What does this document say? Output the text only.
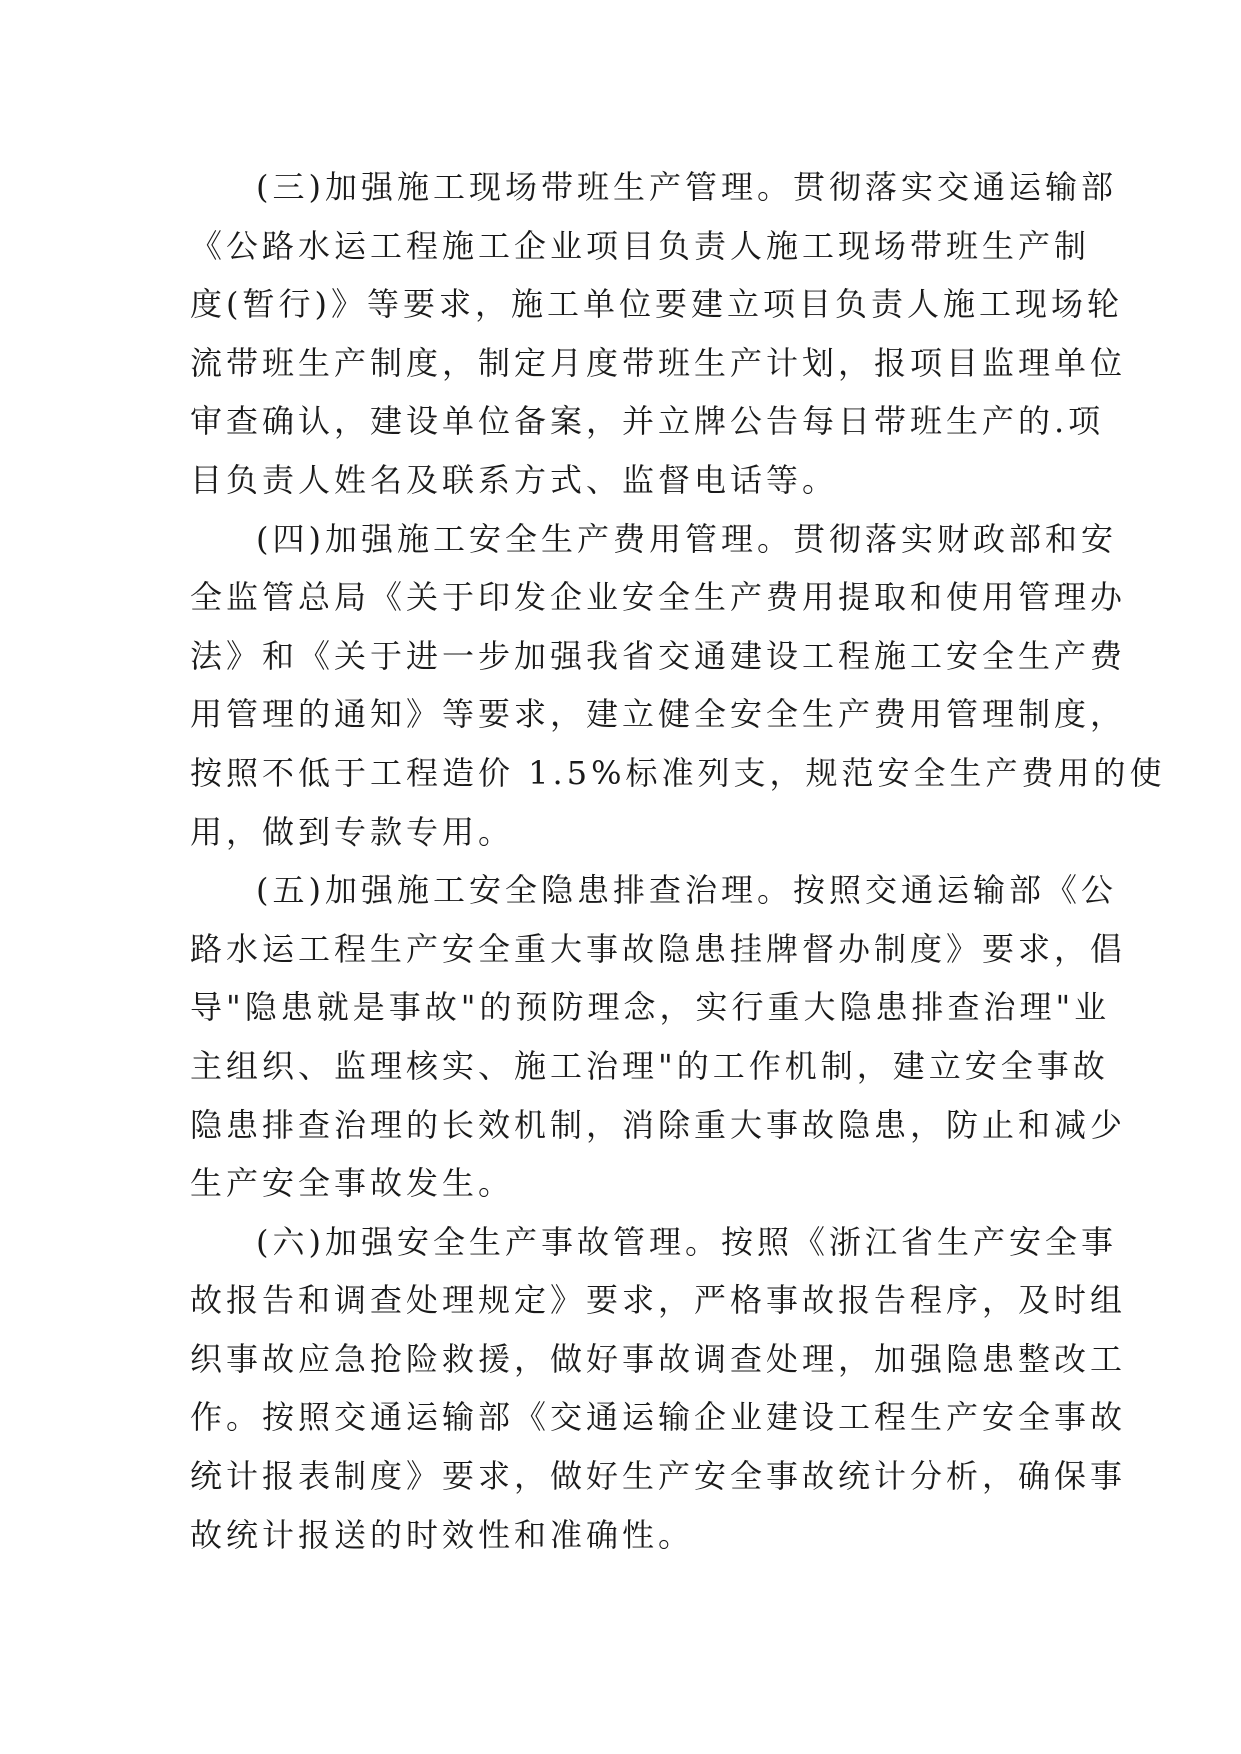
(三)加强施工现场带班生产管理。贯彻落实交通运输部
《公路水运工程施工企业项目负责人施工现场带班生产制
度(暂行)》等要求，施工单位要建立项目负责人施工现场轮
流带班生产制度，制定月度带班生产计划，报项目监理单位
审查确认，建设单位备案，并立牌公告每日带班生产的.项
目负责人姓名及联系方式、监督电话等。
(四)加强施工安全生产费用管理。贯彻落实财政部和安
全监管总局《关于印发企业安全生产费用提取和使用管理办
法》和《关于进一步加强我省交通建设工程施工安全生产费
用管理的通知》等要求，建立健全安全生产费用管理制度，
按照不低于工程造价 1.5%标准列支，规范安全生产费用的使
用，做到专款专用。
(五)加强施工安全隐患排查治理。按照交通运输部《公
路水运工程生产安全重大事故隐患挂牌督办制度》要求，倡
导"隐患就是事故"的预防理念，实行重大隐患排查治理"业
主组织、监理核实、施工治理"的工作机制，建立安全事故
隐患排查治理的长效机制，消除重大事故隐患，防止和减少
生产安全事故发生。
(六)加强安全生产事故管理。按照《浙江省生产安全事
故报告和调查处理规定》要求，严格事故报告程序，及时组
织事故应急抢险救援，做好事故调查处理，加强隐患整改工
作。按照交通运输部《交通运输企业建设工程生产安全事故
统计报表制度》要求，做好生产安全事故统计分析，确保事
故统计报送的时效性和准确性。
